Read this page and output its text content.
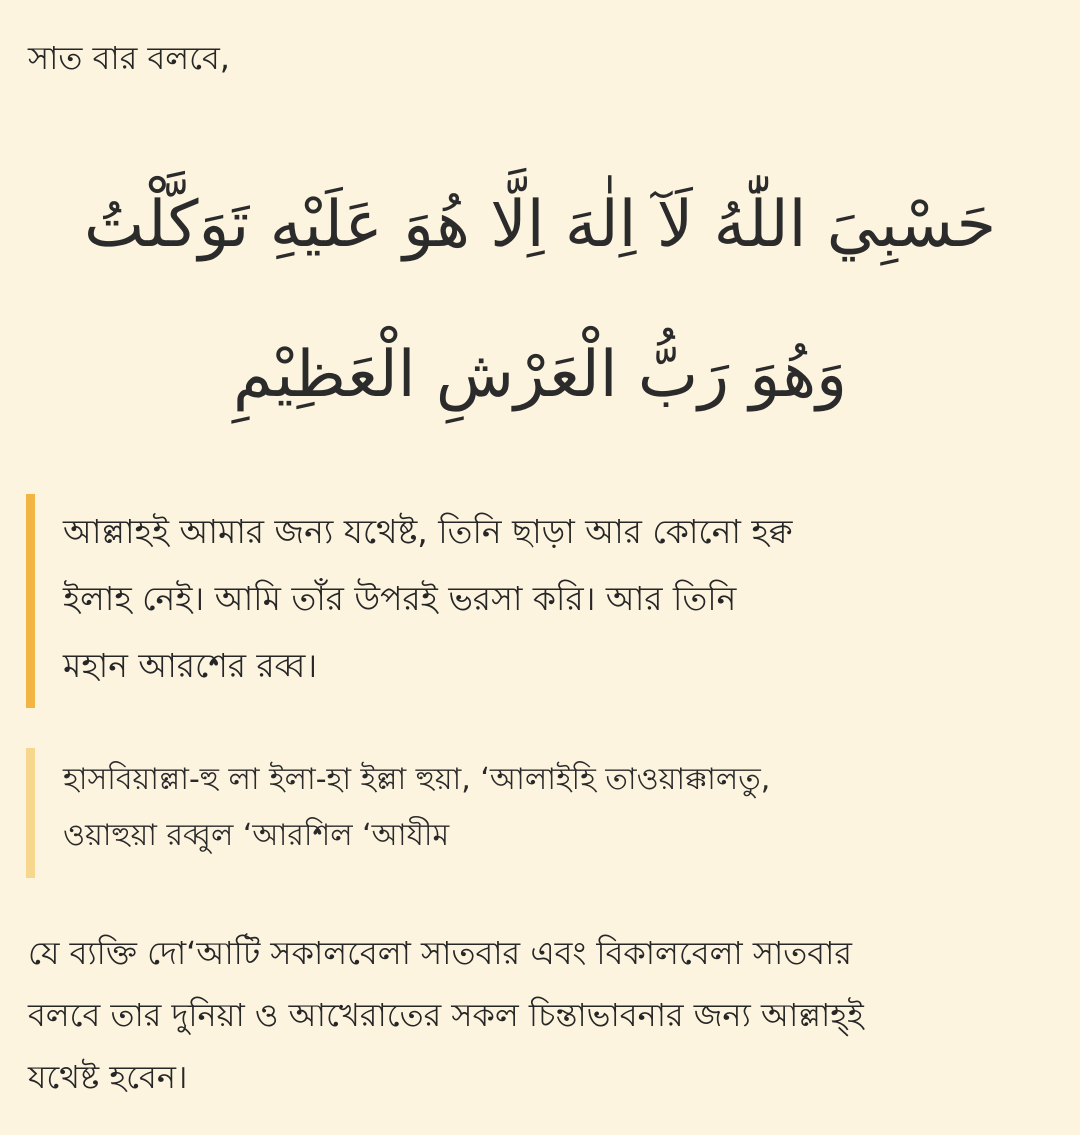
সাত বার বলবে,
حَسْبِيَ اللّٰهُ لَآ اِلٰهَ اِلَّا هُوَ عَلَيْهِ تَوَكَّلْتُ
وَهُوَ رَبُّ الْعَرْشِ الْعَظِيْمِ
আল্লাহই আমার জন্য যথেষ্ট, তিনি ছাড়া আর কোনো হক্ব
ইলাহ নেই। আমি তাঁর উপরই ভরসা করি। আর তিনি
মহান আরশের রব্ব।
হাসবিয়াল্লা-হু লা ইলা-হা ইল্লা হুয়া, ‘আলাইহি তাওয়াক্কালতু,
ওয়াহুয়া রব্বুল ‘আরশিল ‘আযীম
যে ব্যক্তি দো‘আটি সকালবেলা সাতবার এবং বিকালবেলা সাতবার
বলবে তার দুনিয়া ও আখেরাতের সকল চিন্তাভাবনার জন্য আল্লাহ্ই
যথেষ্ট হবেন।
